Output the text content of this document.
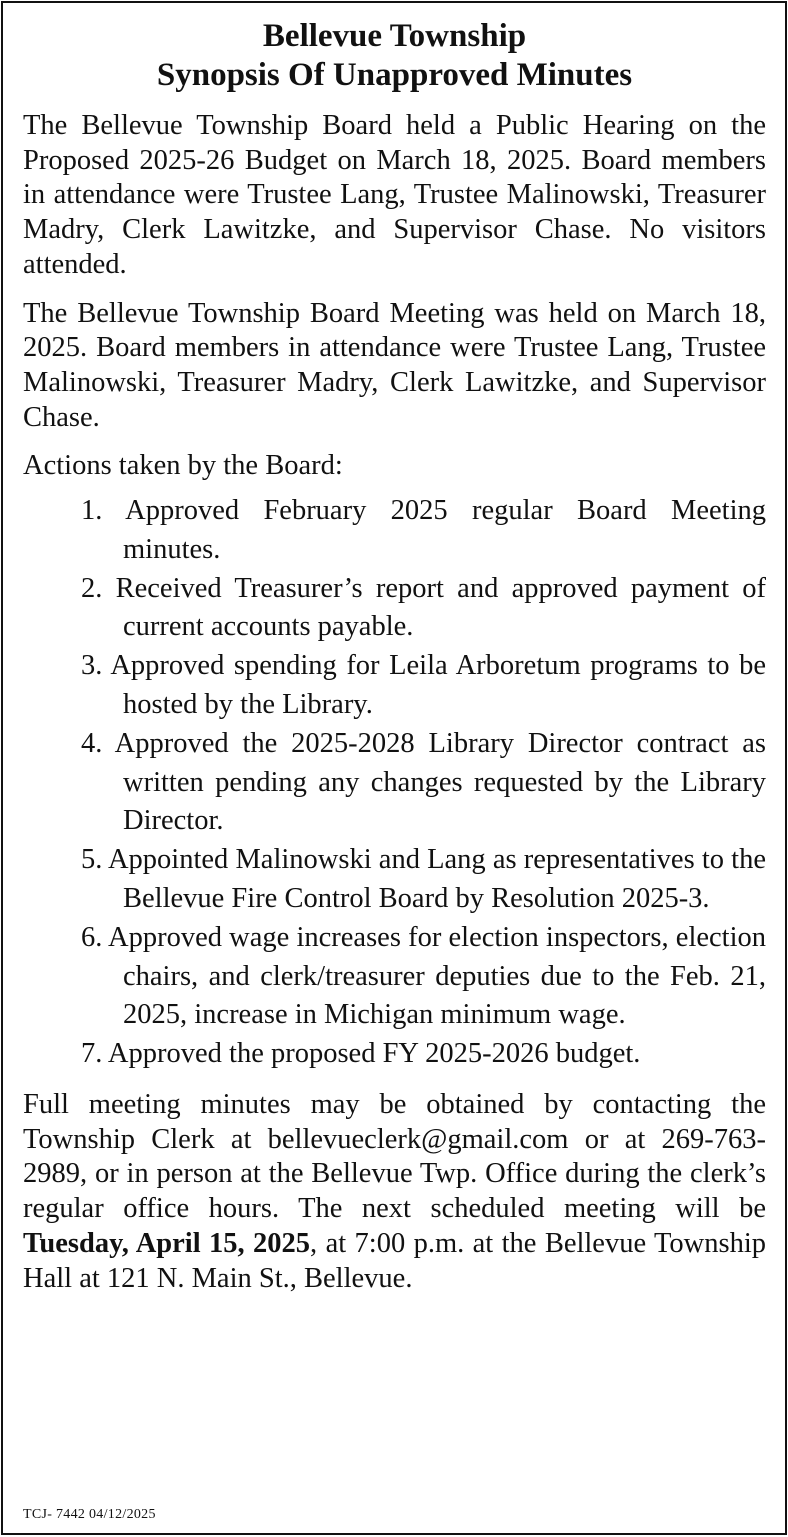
Bellevue Township
Synopsis Of Unapproved Minutes

The Bellevue Township Board held a Public Hearing on the Proposed 2025-26 Budget on March 18, 2025. Board members in attendance were Trustee Lang, Trustee Malinowski, Treasurer Madry, Clerk Lawitzke, and Supervisor Chase. No visitors attended.

The Bellevue Township Board Meeting was held on March 18, 2025. Board members in attendance were Trustee Lang, Trustee Malinowski, Treasurer Madry, Clerk Lawitzke, and Supervisor Chase.

Actions taken by the Board:

1. Approved February 2025 regular Board Meeting minutes.
2. Received Treasurer’s report and approved payment of current accounts payable.
3. Approved spending for Leila Arboretum programs to be hosted by the Library.
4. Approved the 2025-2028 Library Director contract as written pending any changes requested by the Library Director.
5. Appointed Malinowski and Lang as representatives to the Bellevue Fire Control Board by Resolution 2025-3.
6. Approved wage increases for election inspectors, election chairs, and clerk/treasurer deputies due to the Feb. 21, 2025, increase in Michigan minimum wage.
7. Approved the proposed FY 2025-2026 budget.

Full meeting minutes may be obtained by contacting the Township Clerk at bellevueclerk@gmail.com or at 269-763-2989, or in person at the Bellevue Twp. Office during the clerk’s regular office hours. The next scheduled meeting will be Tuesday, April 15, 2025, at 7:00 p.m. at the Bellevue Township Hall at 121 N. Main St., Bellevue.

TCJ- 7442 04/12/2025
